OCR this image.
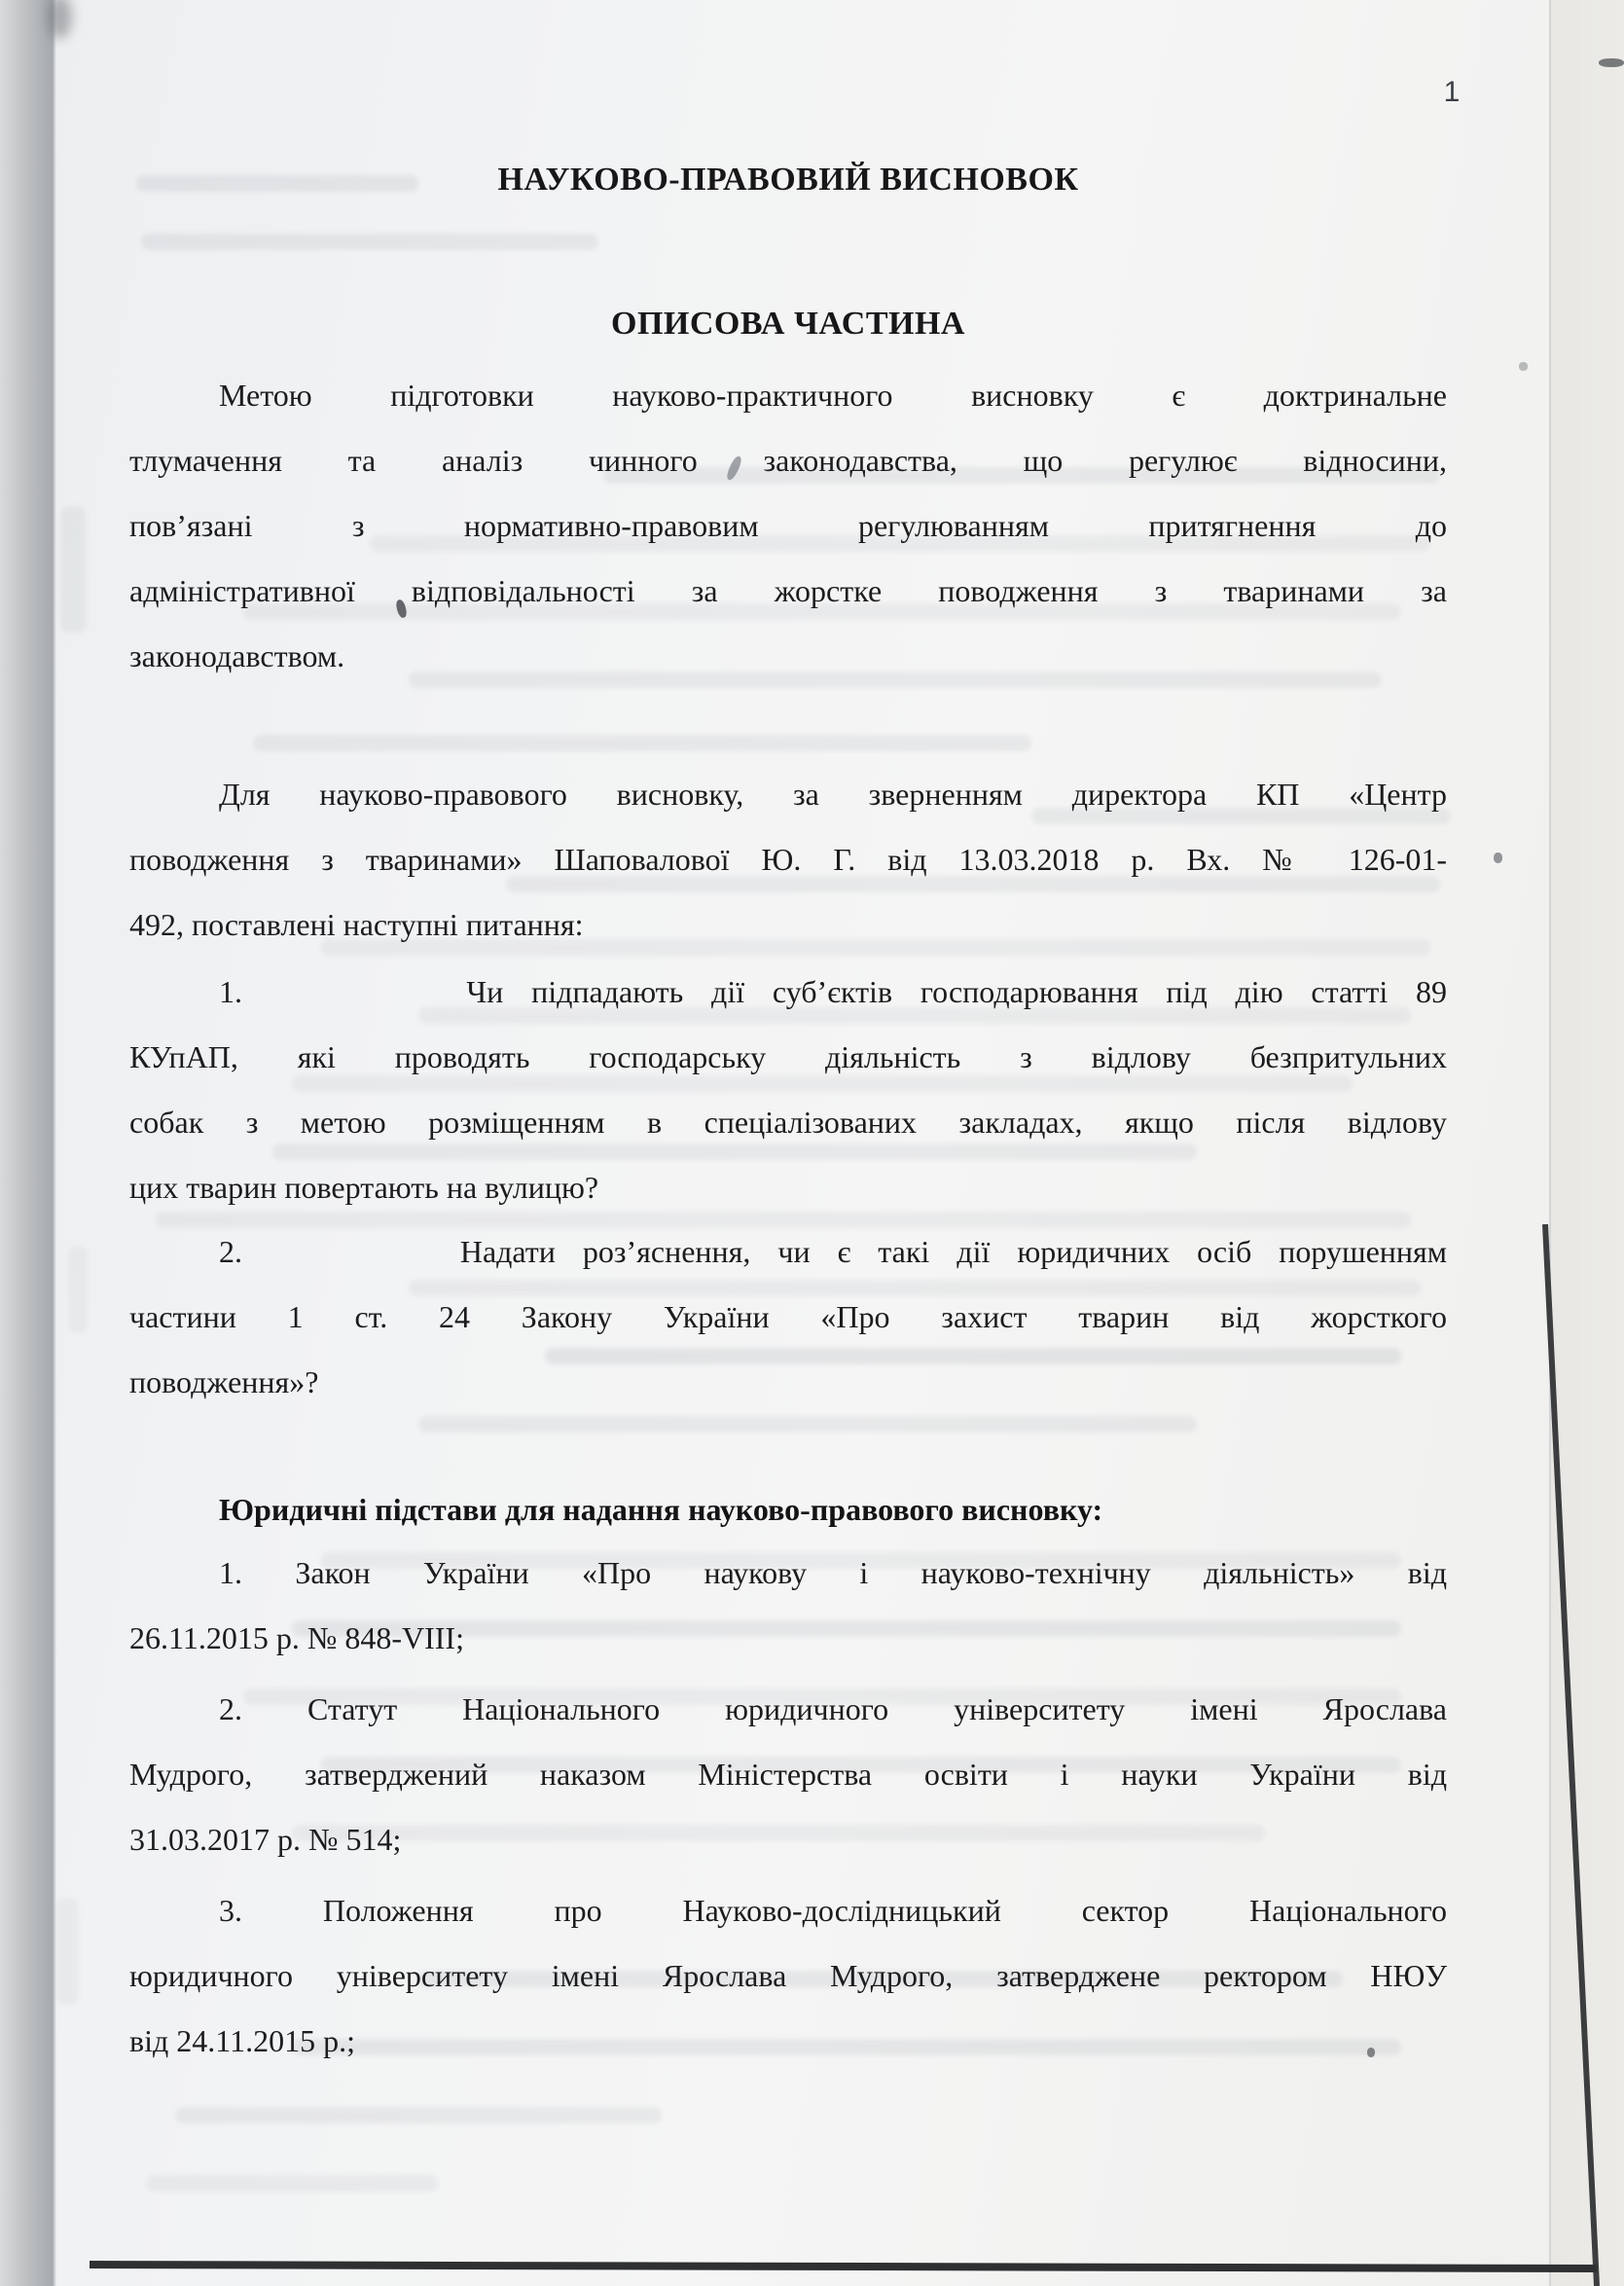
1
НАУКОВО-ПРАВОВИЙ ВИСНОВОК
ОПИСОВА ЧАСТИНА
Метою підготовки науково-практичного висновку є доктринальне
тлумачення та аналіз чинного законодавства, що регулює відносини,
пов’язані з нормативно-правовим регулюванням притягнення до
адміністративної відповідальності за жорстке поводження з тваринами за
законодавством.
Для науково-правового висновку, за зверненням директора КП «Центр
поводження з тваринами» Шаповалової Ю. Г. від 13.03.2018 р. Вх. № 126-01-
492, поставлені наступні питання:
1.        Чи підпадають дії суб’єктів господарювання під дію статті 89
КУпАП, які проводять господарську діяльність з відлову безпритульних
собак з метою розміщенням в спеціалізованих закладах, якщо після відлову
цих тварин повертають на вулицю?
2.        Надати роз’яснення, чи є такі дії юридичних осіб порушенням
частини 1 ст. 24 Закону України «Про захист тварин від жорсткого
поводження»?
Юридичні підстави для надання науково-правового висновку:
1. Закон України «Про наукову і науково-технічну діяльність» від
26.11.2015 р. № 848-VIII;
2. Статут Національного юридичного університету імені Ярослава
Мудрого, затверджений наказом Міністерства освіти і науки України від
31.03.2017 р. № 514;
3. Положення про Науково-дослідницький сектор Національного
юридичного університету імені Ярослава Мудрого, затверджене ректором НЮУ
від 24.11.2015 р.;
